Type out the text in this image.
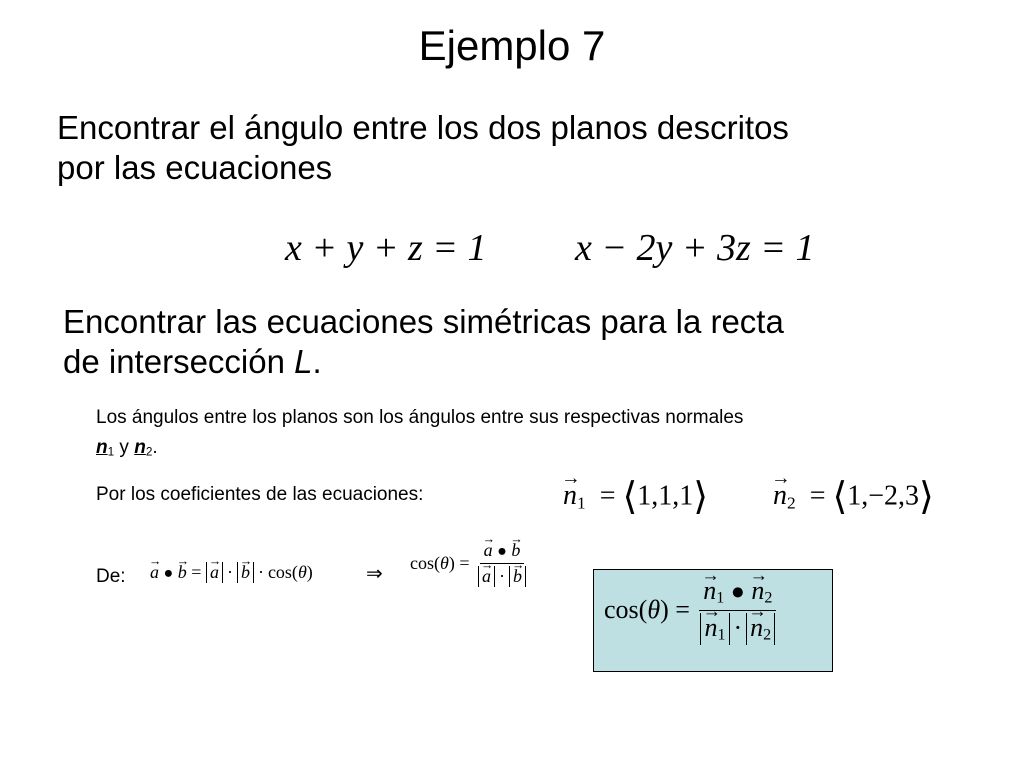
Ejemplo 7
Encontrar el ángulo entre los dos planos descritos
por las ecuaciones
x + y + z = 1 x − 2y + 3z = 1
Encontrar las ecuaciones simétricas para la recta
de intersección L.
Los ángulos entre los planos son los ángulos entre sus respectivas normales
$n_1$ y $n_2$.
Por los coeficientes de las ecuaciones:
→	$n_1$  = ⟨1,1,1⟩
→ $n_2$  = ⟨1,−2,3⟩
De:
→ a ● → b = → a ·→ b · cos(θ)	⇒ cos(θ) =
→ a ● → b
→ a ·→ b
cos(θ) =
→ $n_1$ ● → $n_2$
→ $n_1 \cdot\to n_2$
